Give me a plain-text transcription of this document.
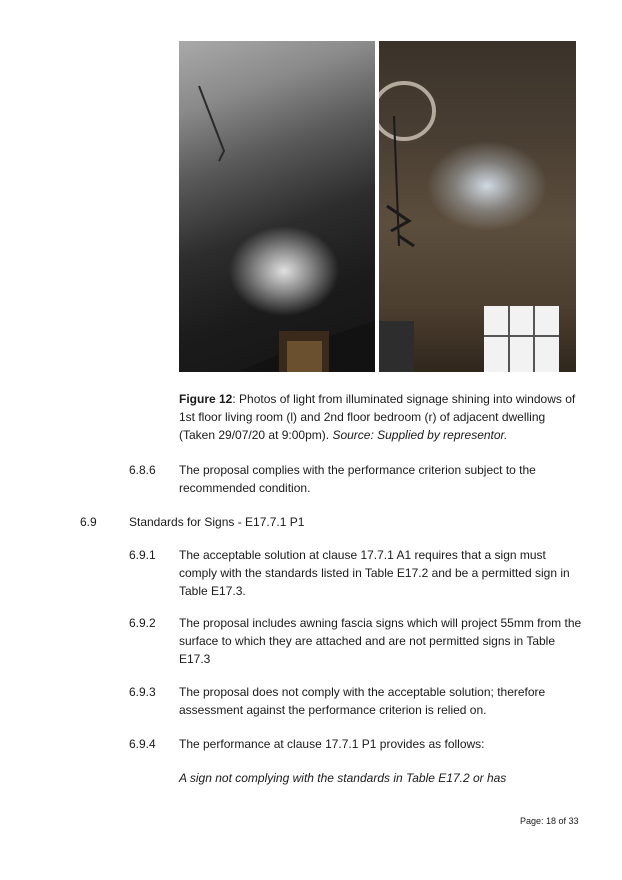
Figure 12: Photos of light from illuminated signage shining into windows of 1st floor living room (l) and 2nd floor bedroom (r) of adjacent dwelling (Taken 29/07/20 at 9:00pm). Source: Supplied by representor.
6.8.6 The proposal complies with the performance criterion subject to the recommended condition.
6.9	Standards for Signs - E17.7.1 P1
6.9.1 The acceptable solution at clause 17.7.1 A1 requires that a sign must comply with the standards listed in Table E17.2 and be a permitted sign in Table E17.3.
6.9.2 The proposal includes awning fascia signs which will project 55mm from the surface to which they are attached and are not permitted signs in Table E17.3
6.9.3 The proposal does not comply with the acceptable solution; therefore assessment against the performance criterion is relied on.
6.9.4 The performance at clause 17.7.1 P1 provides as follows:
A sign not complying with the standards in Table E17.2 or has
Page: 18 of 33
